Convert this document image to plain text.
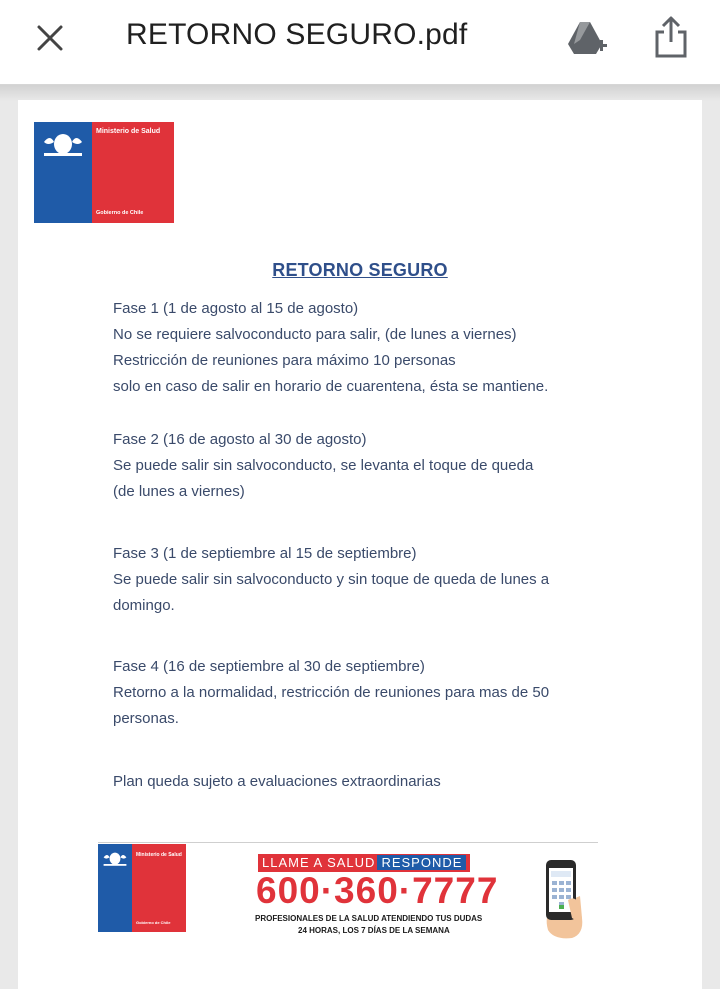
RETORNO SEGURO.pdf
Ministerio de Salud
Gobierno de Chile
RETORNO SEGURO
Fase 1 (1 de agosto al 15 de agosto)
No se requiere salvoconducto para salir, (de lunes a viernes)
Restricción de reuniones para máximo 10 personas
solo en caso de salir en horario de cuarentena, ésta se mantiene.
Fase 2 (16 de agosto al 30 de agosto)
Se puede salir sin salvoconducto, se levanta el toque de queda
(de lunes a viernes)
Fase 3 (1 de septiembre al 15 de septiembre)
Se puede salir sin salvoconducto y sin toque de queda de lunes a
domingo.
Fase 4 (16 de septiembre al 30 de septiembre)
Retorno a la normalidad, restricción de reuniones para mas de 50
personas.
Plan queda sujeto a evaluaciones extraordinarias
Ministerio de Salud
Gobierno de Chile
LLAME A SALUD RESPONDE
600·360·7777
PROFESIONALES DE LA SALUD ATENDIENDO TUS DUDAS
24 HORAS, LOS 7 DÍAS DE LA SEMANA
